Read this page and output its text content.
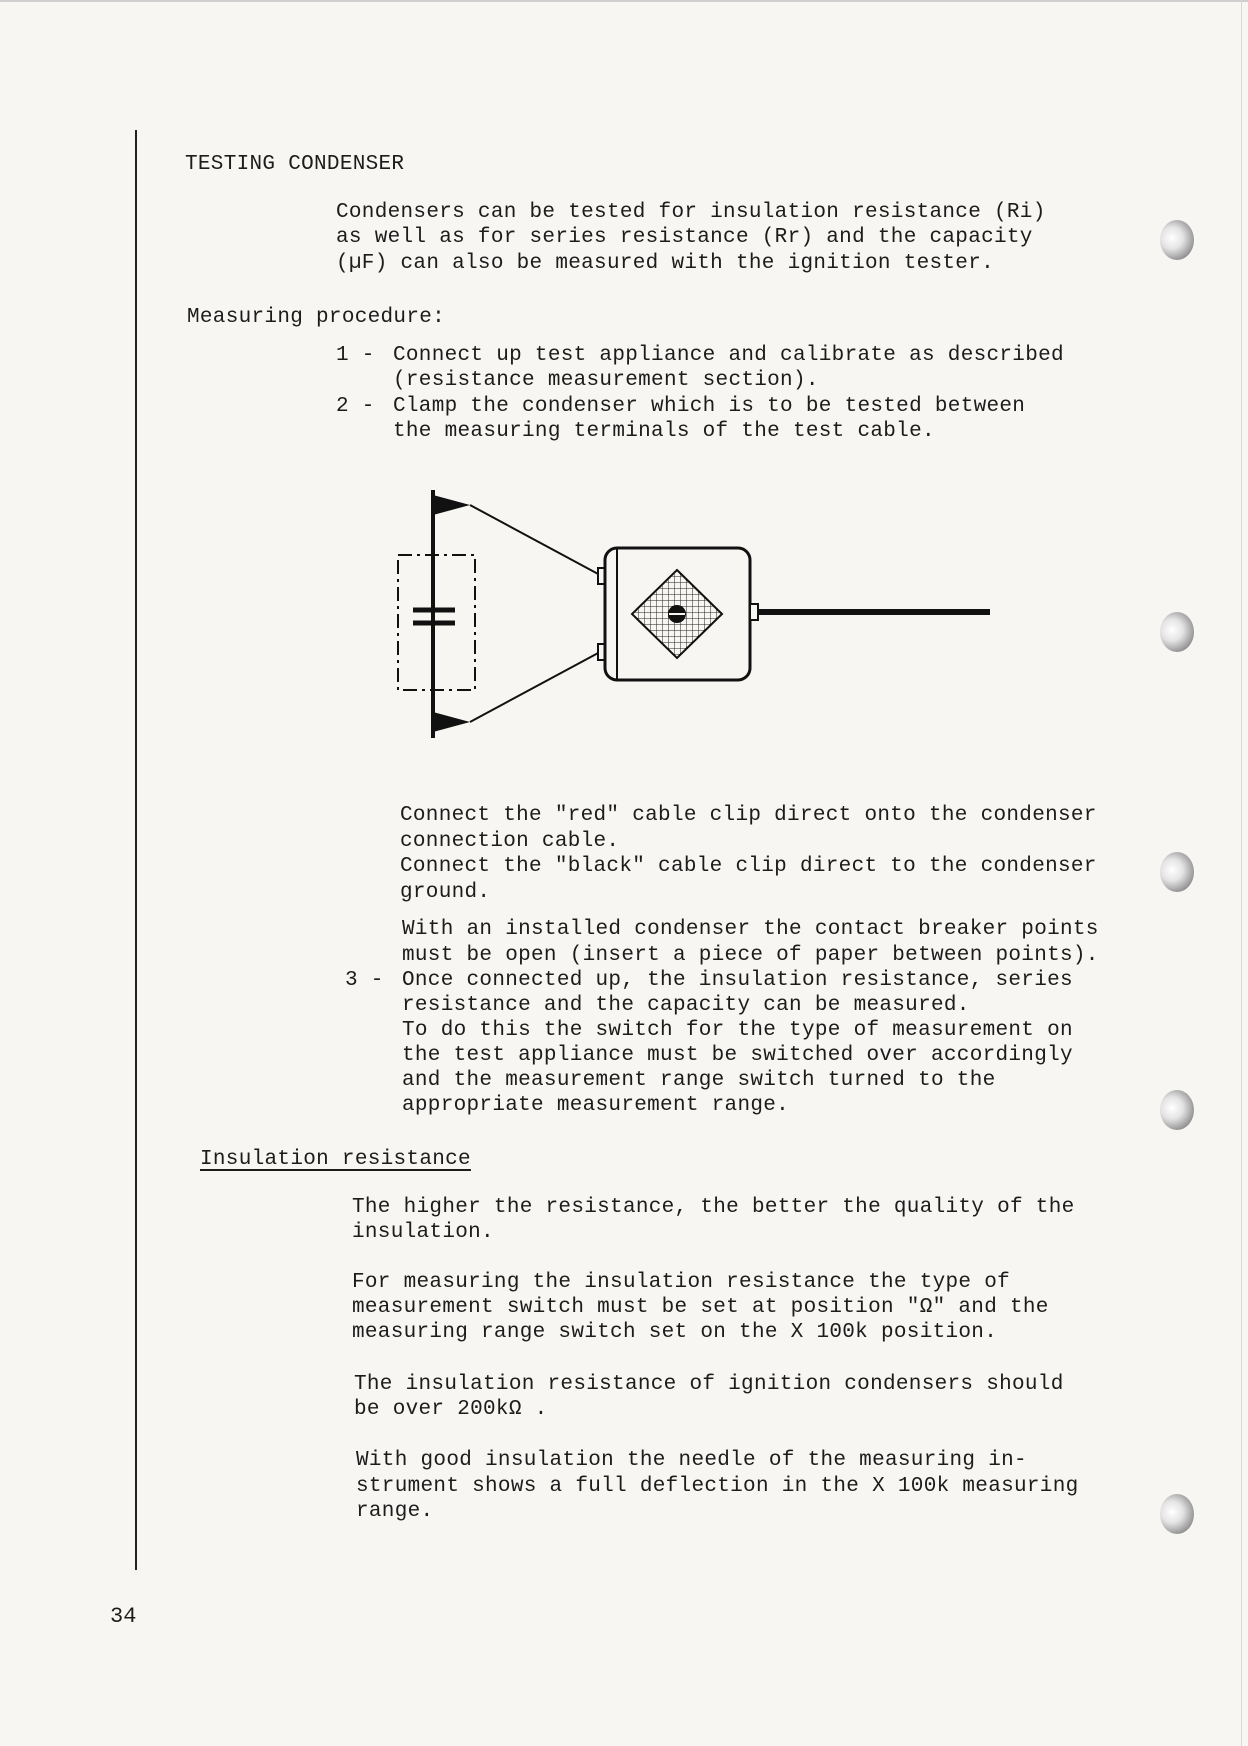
TESTING CONDENSER
Condensers can be tested for insulation resistance (Ri)
as well as for series resistance (Rr) and the capacity
(µF) can also be measured with the ignition tester.
Measuring procedure:
1 - Connect up test appliance and calibrate as described
(resistance measurement section).
2 - Clamp the condenser which is to be tested between
the measuring terminals of the test cable.
Connect the "red" cable clip direct onto the condenser
connection cable.
Connect the "black" cable clip direct to the condenser
ground.
With an installed condenser the contact breaker points
must be open (insert a piece of paper between points).
3 - Once connected up, the insulation resistance, series
resistance and the capacity can be measured.
To do this the switch for the type of measurement on
the test appliance must be switched over accordingly
and the measurement range switch turned to the
appropriate measurement range.
Insulation resistance
The higher the resistance, the better the quality of the
insulation.
For measuring the insulation resistance the type of
measurement switch must be set at position "Ω" and the
measuring range switch set on the X 100k position.
The insulation resistance of ignition condensers should
be over 200kΩ .
With good insulation the needle of the measuring in-
strument shows a full deflection in the X 100k measuring
range.
34
